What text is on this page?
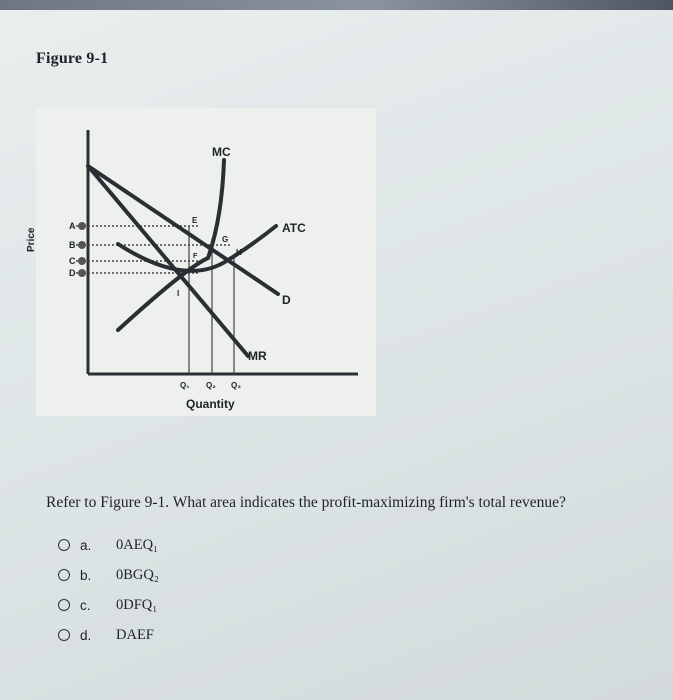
Figure 9-1
Price
A
B
C
D
MC
ATC
D
MR
E
F
G
H
I
Q₁ Q₂ Q₃
Quantity
Refer to Figure 9-1. What area indicates the profit-maximizing firm's total revenue?
a.	0AEQ₁
b.	0BGQ₂
c.	0DFQ₁
d.	DAEF
